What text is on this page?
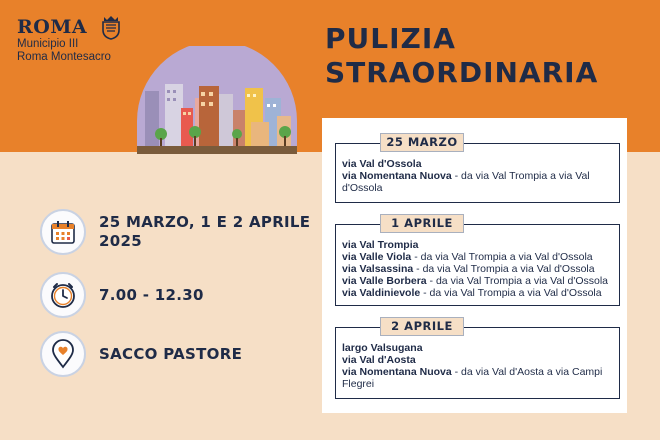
ROMA
Municipio III
Roma Montesacro
PULIZIA
STRAORDINARIA
25 MARZO, 1 E 2 APRILE
2025
7.00 - 12.30
SACCO PASTORE
via Val d'Ossola
via Nomentana Nuova - da via Val Trompia a via Val d'Ossola
25 MARZO
via Val Trompia
via Valle Viola - da via Val Trompia a via Val d'Ossola
via Valsassina - da via Val Trompia a via Val d'Ossola
via Valle Borbera - da via Val Trompia a via Val d'Ossola
via Valdinievole - da via Val Trompia a via Val d'Ossola
1 APRILE
largo Valsugana
via Val d'Aosta
via Nomentana Nuova - da via Val d'Aosta a via Campi Flegrei
2 APRILE
